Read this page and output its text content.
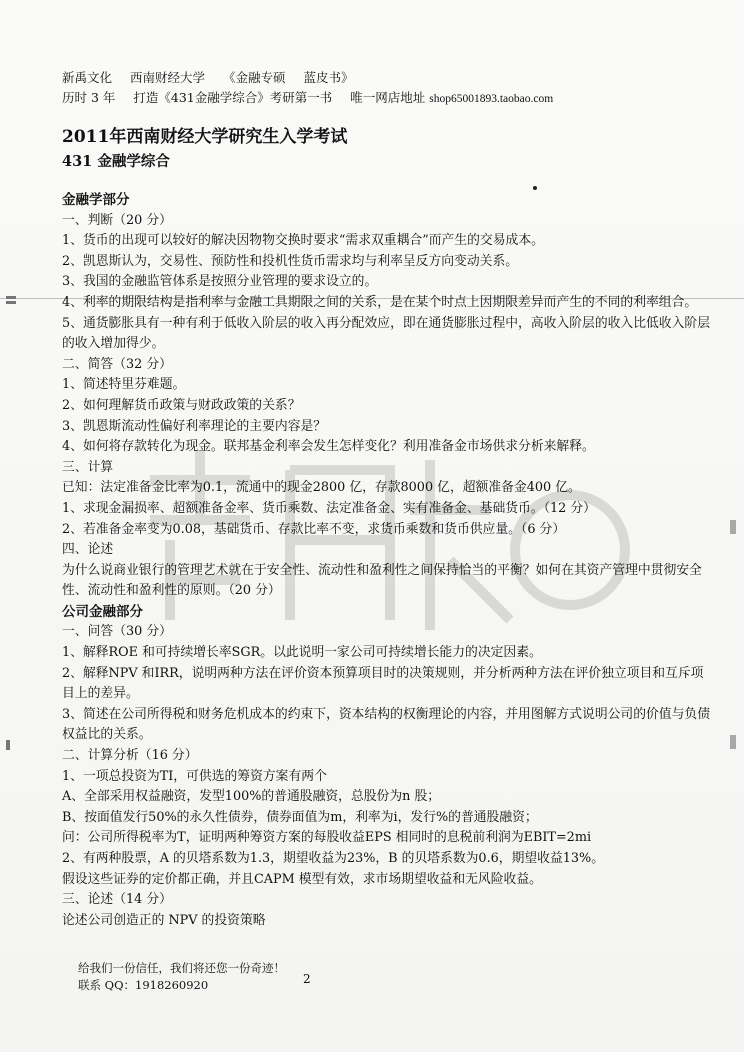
新禹文化 西南财经大学 《金融专硕 蓝皮书》
历时 3 年 打造《431金融学综合》考研第一书 唯一网店地址 shop65001893.taobao.com
2011年西南财经大学研究生入学考试
431 金融学综合
金融学部分
一、判断（20 分）
1、货币的出现可以较好的解决因物物交换时要求“需求双重耦合”而产生的交易成本。
2、凯恩斯认为，交易性、预防性和投机性货币需求均与利率呈反方向变动关系。
3、我国的金融监管体系是按照分业管理的要求设立的。
4、利率的期限结构是指利率与金融工具期限之间的关系，是在某个时点上因期限差异而产生的不同的利率组合。
5、通货膨胀具有一种有利于低收入阶层的收入再分配效应，即在通货膨胀过程中，高收入阶层的收入比低收入阶层的收入增加得少。
二、简答（32 分）
1、简述特里芬难题。
2、如何理解货币政策与财政政策的关系？
3、凯恩斯流动性偏好利率理论的主要内容是？
4、如何将存款转化为现金。联邦基金利率会发生怎样变化？利用准备金市场供求分析来解释。
三、计算
已知：法定准备金比率为0.1，流通中的现金2800 亿，存款8000 亿，超额准备金400 亿。
1、求现金漏损率、超额准备金率、货币乘数、法定准备金、实有准备金、基础货币。（12 分）
2、若准备金率变为0.08，基础货币、存款比率不变，求货币乘数和货币供应量。（6 分）
四、论述
为什么说商业银行的管理艺术就在于安全性、流动性和盈利性之间保持恰当的平衡？如何在其资产管理中贯彻安全性、流动性和盈利性的原则。（20 分）
公司金融部分
一、问答（30 分）
1、解释ROE 和可持续增长率SGR。以此说明一家公司可持续增长能力的决定因素。
2、解释NPV 和IRR，说明两种方法在评价资本预算项目时的决策规则，并分析两种方法在评价独立项目和互斥项目上的差异。
3、简述在公司所得税和财务危机成本的约束下，资本结构的权衡理论的内容，并用图解方式说明公司的价值与负债权益比的关系。
二、计算分析（16 分）
1、一项总投资为TI，可供选的筹资方案有两个
A、全部采用权益融资，发型100%的普通股融资，总股份为n 股；
B、按面值发行50%的永久性债券，债券面值为m，利率为i，发行%的普通股融资；
问：公司所得税率为T，证明两种筹资方案的每股收益EPS 相同时的息税前利润为EBIT=2mi
2、有两种股票，A 的贝塔系数为1.3，期望收益为23%，B 的贝塔系数为0.6，期望收益13%。
假设这些证券的定价都正确，并且CAPM 模型有效，求市场期望收益和无风险收益。
三、论述（14 分）
论述公司创造正的 NPV 的投资策略
给我们一份信任，我们将还您一份奇迹！
联系 QQ：1918260920	2
